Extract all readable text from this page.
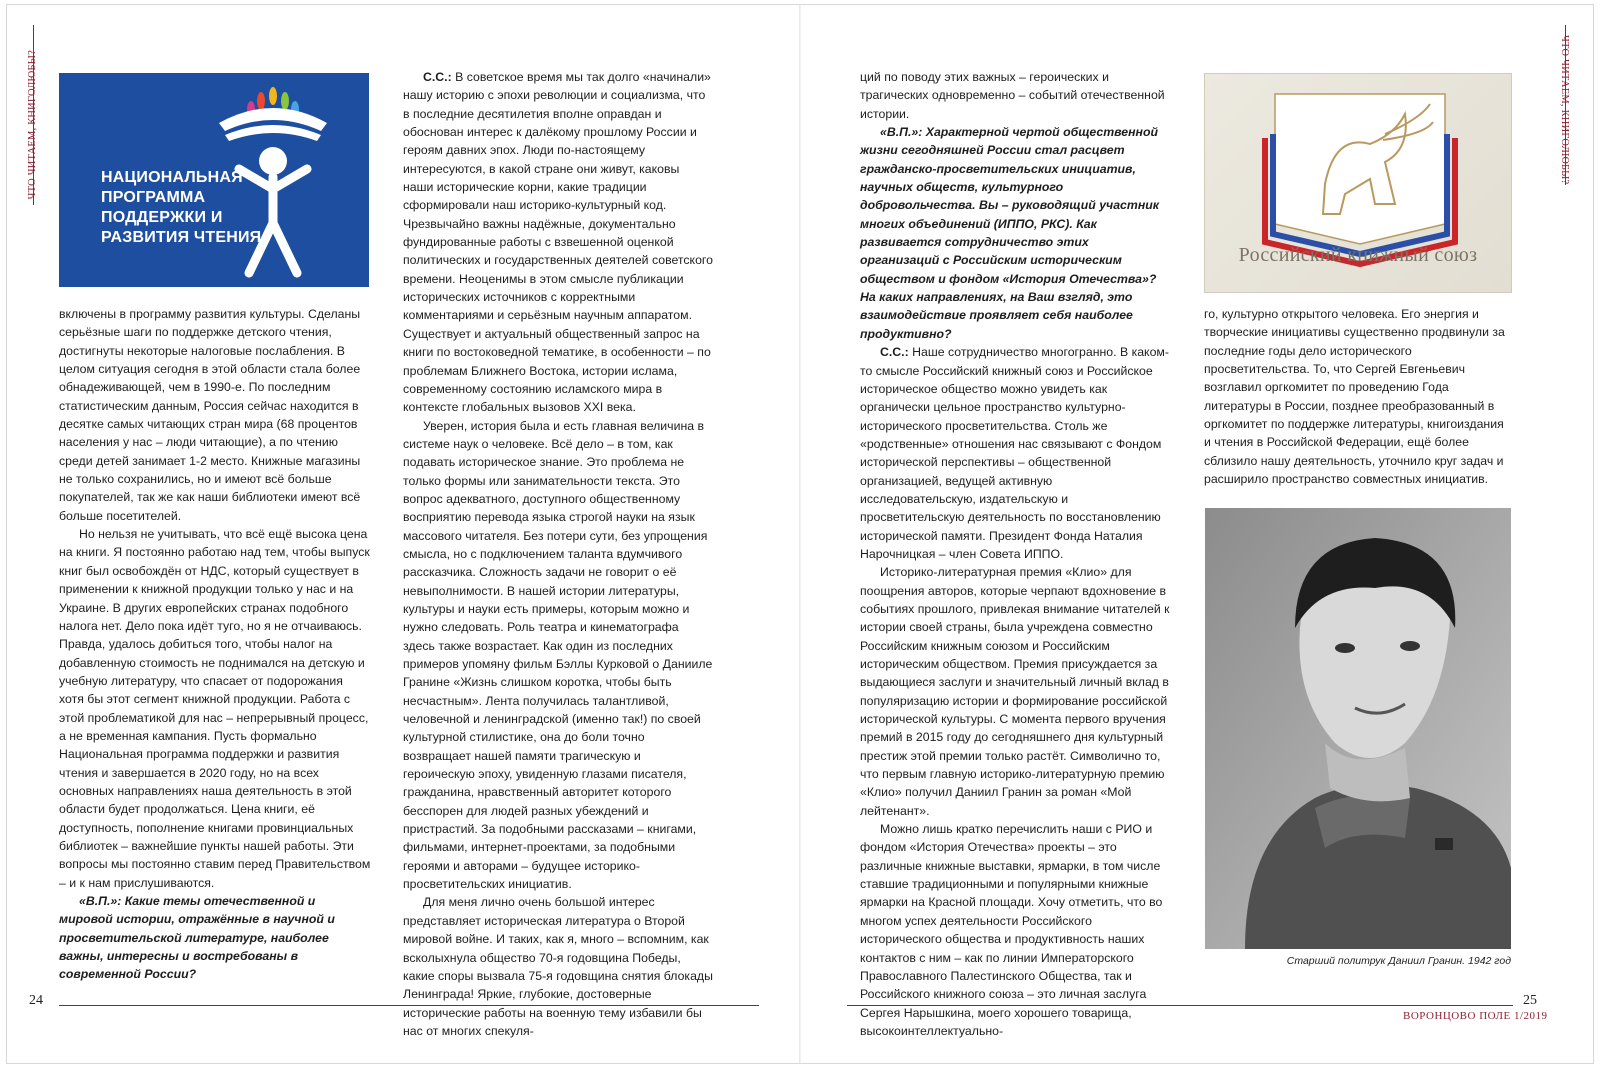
ЧТО ЧИТАЕМ, КНИГОЛЮБЫ?	ЧТО ЧИТАЕМ, КНИГОЛЮБЫ?
НАЦИОНАЛЬНАЯ ПРОГРАММА ПОДДЕРЖКИ И РАЗВИТИЯ ЧТЕНИЯ
Российский книжный союз

включены в программу развития культуры. Сделаны серьёзные шаги по поддержке детского чтения, достигнуты некоторые налоговые послабления. В целом ситуация сегодня в этой области стала более обнадеживающей, чем в 1990-е. По последним статистическим данным, Россия сейчас находится в десятке самых читающих стран мира (68 процентов населения у нас – люди читающие), а по чтению среди детей занимает 1-2 место. Книжные магазины не только сохранились, но и имеют всё больше покупателей, так же как наши библиотеки имеют всё больше посетителей.

Но нельзя не учитывать, что всё ещё высока цена на книги. Я постоянно работаю над тем, чтобы выпуск книг был освобождён от НДС, который существует в применении к книжной продукции только у нас и на Украине. В других европейских странах подобного налога нет. Дело пока идёт туго, но я не отчаиваюсь. Правда, удалось добиться того, чтобы налог на добавленную стоимость не поднимался на детскую и учебную литературу, что спасает от подорожания хотя бы этот сегмент книжной продукции. Работа с этой проблематикой для нас – непрерывный процесс, а не временная кампания. Пусть формально Национальная программа поддержки и развития чтения и завершается в 2020 году, но на всех основных направлениях наша деятельность в этой области будет продолжаться. Цена книги, её доступность, пополнение книгами провинциальных библиотек – важнейшие пункты нашей работы. Эти вопросы мы постоянно ставим перед Правительством – и к нам прислушиваются.

«В.П.»: Какие темы отечественной и мировой истории, отражённые в научной и просветительской литературе, наиболее важны, интересны и востребованы в современной России?

С.С.: В советское время мы так долго «начинали» нашу историю с эпохи революции и социализма, что в последние десятилетия вполне оправдан и обоснован интерес к далёкому прошлому России и героям давних эпох. Люди по-настоящему интересуются, в какой стране они живут, каковы наши исторические корни, какие традиции сформировали наш историко-культурный код. Чрезвычайно важны надёжные, документально фундированные работы с взвешенной оценкой политических и государственных деятелей советского времени. Неоценимы в этом смысле публикации исторических источников с корректными комментариями и серьёзным научным аппаратом. Существует и актуальный общественный запрос на книги по востоковедной тематике, в особенности – по проблемам Ближнего Востока, истории ислама, современному состоянию исламского мира в контексте глобальных вызовов XXI века.

Уверен, история была и есть главная величина в системе наук о человеке. Всё дело – в том, как подавать историческое знание. Это проблема не только формы или занимательности текста. Это вопрос адекватного, доступного общественному восприятию перевода языка строгой науки на язык массового читателя. Без потери сути, без упрощения смысла, но с подключением таланта вдумчивого рассказчика. Сложность задачи не говорит о её невыполнимости. В нашей истории литературы, культуры и науки есть примеры, которым можно и нужно следовать. Роль театра и кинематографа здесь также возрастает. Как один из последних примеров упомяну фильм Бэллы Курковой о Данииле Гранине «Жизнь слишком коротка, чтобы быть несчастным». Лента получилась талантливой, человечной и ленинградской (именно так!) по своей культурной стилистике, она до боли точно возвращает нашей памяти трагическую и героическую эпоху, увиденную глазами писателя, гражданина, нравственный авторитет которого бесспорен для людей разных убеждений и пристрастий. За подобными рассказами – книгами, фильмами, интернет-проектами, за подобными героями и авторами – будущее историко-просветительских инициатив.

Для меня лично очень большой интерес представляет историческая литература о Второй мировой войне. И таких, как я, много – вспомним, как всколыхнула общество 70-я годовщина Победы, какие споры вызвала 75-я годовщина снятия блокады Ленинграда! Яркие, глубокие, достоверные исторические работы на военную тему избавили бы нас от многих спекуля-

ций по поводу этих важных – героических и трагических одновременно – событий отечественной истории.

«В.П.»: Характерной чертой общественной жизни сегодняшней России стал расцвет гражданско-просветительских инициатив, научных обществ, культурного добровольчества. Вы – руководящий участник многих объединений (ИППО, РКС). Как развивается сотрудничество этих организаций с Российским историческим обществом и фондом «История Отечества»? На каких направлениях, на Ваш взгляд, это взаимодействие проявляет себя наиболее продуктивно?

С.С.: Наше сотрудничество многогранно. В каком-то смысле Российский книжный союз и Российское историческое общество можно увидеть как органически цельное пространство культурно-исторического просветительства. Столь же «родственные» отношения нас связывают с Фондом исторической перспективы – общественной организацией, ведущей активную исследовательскую, издательскую и просветительскую деятельность по восстановлению исторической памяти. Президент Фонда Наталия Нарочницкая – член Совета ИППО.

Историко-литературная премия «Клио» для поощрения авторов, которые черпают вдохновение в событиях прошлого, привлекая внимание читателей к истории своей страны, была учреждена совместно Российским книжным союзом и Российским историческим обществом. Премия присуждается за выдающиеся заслуги и значительный личный вклад в популяризацию истории и формирование российской исторической культуры. С момента первого вручения премий в 2015 году до сегодняшнего дня культурный престиж этой премии только растёт. Символично то, что первым главную историко-литературную премию «Клио» получил Даниил Гранин за роман «Мой лейтенант».

Можно лишь кратко перечислить наши с РИО и фондом «История Отечества» проекты – это различные книжные выставки, ярмарки, в том числе ставшие традиционными и популярными книжные ярмарки на Красной площади. Хочу отметить, что во многом успех деятельности Российского исторического общества и продуктивность наших контактов с ним – как по линии Императорского Православного Палестинского Общества, так и Российского книжного союза – это личная заслуга Сергея Нарышкина, моего хорошего товарища, высокоинтеллектуально-

го, культурно открытого человека. Его энергия и творческие инициативы существенно продвинули за последние годы дело исторического просветительства. То, что Сергей Евгеньевич возглавил оргкомитет по проведению Года литературы в России, позднее преобразованный в оргкомитет по поддержке литературы, книгоиздания и чтения в Российской Федерации, ещё более сблизило нашу деятельность, уточнило круг задач и расширило пространство совместных инициатив.

Старший политрук Даниил Гранин. 1942 год
24	25
ВОРОНЦОВО ПОЛЕ 1/2019
